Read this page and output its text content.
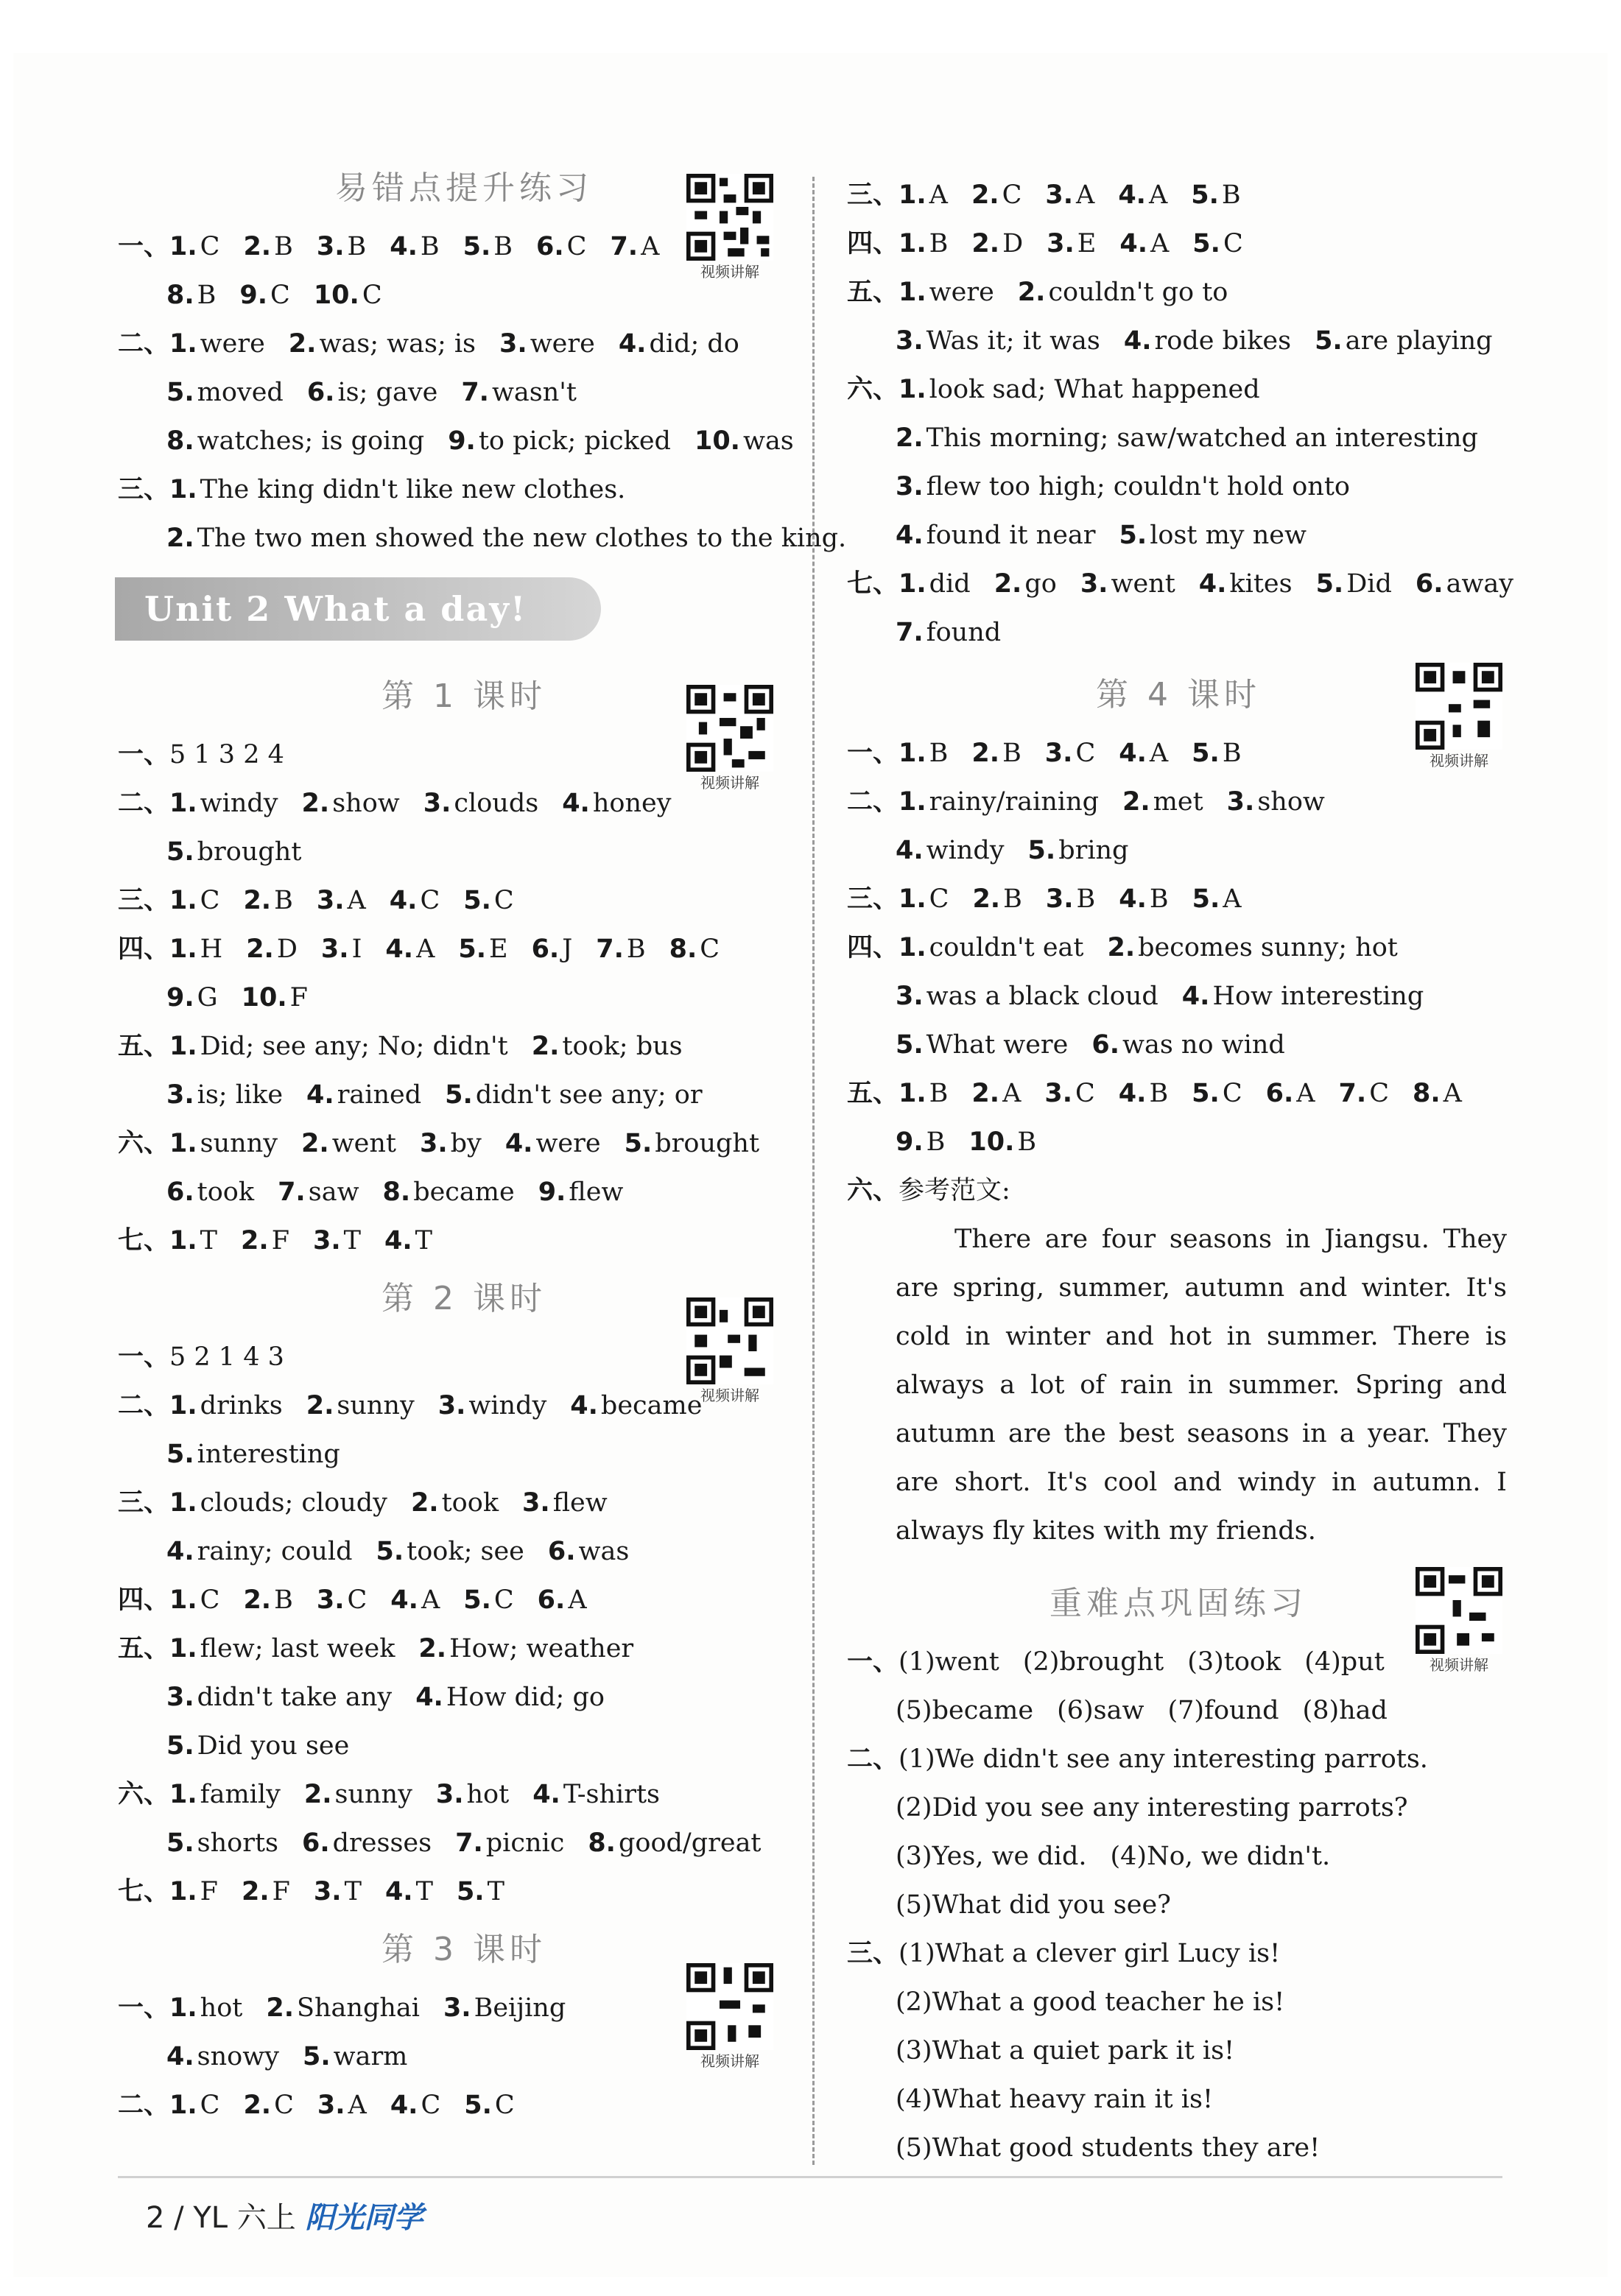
易错点提升练习
一、1. C 2. B 3. B 4. B 5. B 6. C 7. A
8. B 9. C 10. C
二、1. were 2. was; was; is 3. were 4. did; do
5. moved 6. is; gave 7. wasn't
8. watches; is going 9. to pick; picked 10. was
三、1. The king didn't like new clothes.
2. The two men showed the new clothes to the king.
Unit 2 What a day!
第 1 课时
一、5 1 3 2 4
二、1. windy 2. show 3. clouds 4. honey
5. brought
三、1. C 2. B 3. A 4. C 5. C
四、1. H 2. D 3. I 4. A 5. E 6. J 7. B 8. C
9. G 10. F
五、1. Did; see any; No; didn't 2. took; bus
3. is; like 4. rained 5. didn't see any; or
六、1. sunny 2. went 3. by 4. were 5. brought
6. took 7. saw 8. became 9. flew
七、1. T 2. F 3. T 4. T
第 2 课时
一、5 2 1 4 3
二、1. drinks 2. sunny 3. windy 4. became
5. interesting
三、1. clouds; cloudy 2. took 3. flew
4. rainy; could 5. took; see 6. was
四、1. C 2. B 3. C 4. A 5. C 6. A
五、1. flew; last week 2. How; weather
3. didn't take any 4. How did; go
5. Did you see
六、1. family 2. sunny 3. hot 4. T-shirts
5. shorts 6. dresses 7. picnic 8. good/great
七、1. F 2. F 3. T 4. T 5. T
第 3 课时
一、1. hot 2. Shanghai 3. Beijing
4. snowy 5. warm
二、1. C 2. C 3. A 4. C 5. C
视频讲解
视频讲解
视频讲解
视频讲解
三、1. A 2. C 3. A 4. A 5. B
四、1. B 2. D 3. E 4. A 5. C
五、1. were 2. couldn't go to
3. Was it; it was 4. rode bikes 5. are playing
六、1. look sad; What happened
2. This morning; saw/watched an interesting
3. flew too high; couldn't hold onto
4. found it near 5. lost my new
七、1. did 2. go 3. went 4. kites 5. Did 6. away
7. found
第 4 课时
一、1. B 2. B 3. C 4. A 5. B
二、1. rainy/raining 2. met 3. show
4. windy 5. bring
三、1. C 2. B 3. B 4. B 5. A
四、1. couldn't eat 2. becomes sunny; hot
3. was a black cloud 4. How interesting
5. What were 6. was no wind
五、1. B 2. A 3. C 4. B 5. C 6. A 7. C 8. A
9. B 10. B
六、参考范文:
There are four seasons in Jiangsu. They are spring, summer, autumn and winter. It's cold in winter and hot in summer. There is always a lot of rain in summer. Spring and autumn are the best seasons in a year. They are short. It's cool and windy in autumn. I always fly kites with my friends.
重难点巩固练习
一、(1)went (2)brought (3)took (4)put
(5)became (6)saw (7)found (8)had
二、(1)We didn't see any interesting parrots.
(2)Did you see any interesting parrots?
(3)Yes, we did. (4)No, we didn't.
(5)What did you see?
三、(1)What a clever girl Lucy is!
(2)What a good teacher he is!
(3)What a quiet park it is!
(4)What heavy rain it is!
(5)What good students they are!
视频讲解
视频讲解
2 / YL 六上 阳光同学
